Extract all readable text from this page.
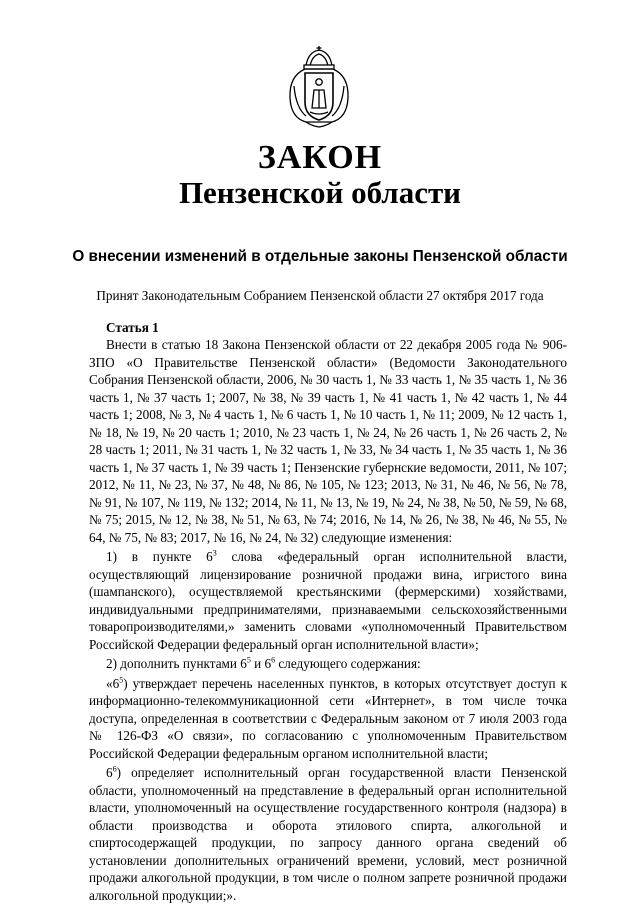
ЗАКОН
Пензенской области
О внесении изменений в отдельные законы Пензенской области
Принят Законодательным Собранием Пензенской области 27 октября 2017 года
Статья 1

Внести в статью 18 Закона Пензенской области от 22 декабря 2005 года № 906-ЗПО «О Правительстве Пензенской области» (Ведомости Законодательного Собрания Пензенской области, 2006, № 30 часть 1, № 33 часть 1, № 35 часть 1, № 36 часть 1, № 37 часть 1; 2007, № 38, № 39 часть 1, № 41 часть 1, № 42 часть 1, № 44 часть 1; 2008, № 3, № 4 часть 1, № 6 часть 1, № 10 часть 1, № 11; 2009, № 12 часть 1, № 18, № 19, № 20 часть 1; 2010, № 23 часть 1, № 24, № 26 часть 1, № 26 часть 2, № 28 часть 1; 2011, № 31 часть 1, № 32 часть 1, № 33, № 34 часть 1, № 35 часть 1, № 36 часть 1, № 37 часть 1, № 39 часть 1; Пензенские губернские ведомости, 2011, № 107; 2012, № 11, № 23, № 37, № 48, № 86, № 105, № 123; 2013, № 31, № 46, № 56, № 78, № 91, № 107, № 119, № 132; 2014, № 11, № 13, № 19, № 24, № 38, № 50, № 59, № 68, № 75; 2015, № 12, № 38, № 51, № 63, № 74; 2016, № 14, № 26, № 38, № 46, № 55, № 64, № 75, № 83; 2017, № 16, № 24, № 32) следующие изменения:

1) в пункте $6^3$ слова «федеральный орган исполнительной власти, осуществляющий лицензирование розничной продажи вина, игристого вина (шампанского), осуществляемой крестьянскими (фермерскими) хозяйствами, индивидуальными предпринимателями, признаваемыми сельскохозяйственными товаропроизводителями,» заменить словами «уполномоченный Правительством Российской Федерации федеральный орган исполнительной власти»;

2) дополнить пунктами $6^5$ и $6^6$ следующего содержания:

«$6^5$) утверждает перечень населенных пунктов, в которых отсутствует доступ к информационно-телекоммуникационной сети «Интернет», в том числе точка доступа, определенная в соответствии с Федеральным законом от 7 июля 2003 года № 126-ФЗ «О связи», по согласованию с уполномоченным Правительством Российской Федерации федеральным органом исполнительной власти;

$6^6$) определяет исполнительный орган государственной власти Пензенской области, уполномоченный на представление в федеральный орган исполнительной власти, уполномоченный на осуществление государственного контроля (надзора) в области производства и оборота этилового спирта, алкогольной и спиртосодержащей продукции, по запросу данного органа сведений об установлении дополнительных ограничений времени, условий, мест розничной продажи алкогольной продукции, в том числе о полном запрете розничной продажи алкогольной продукции;».
